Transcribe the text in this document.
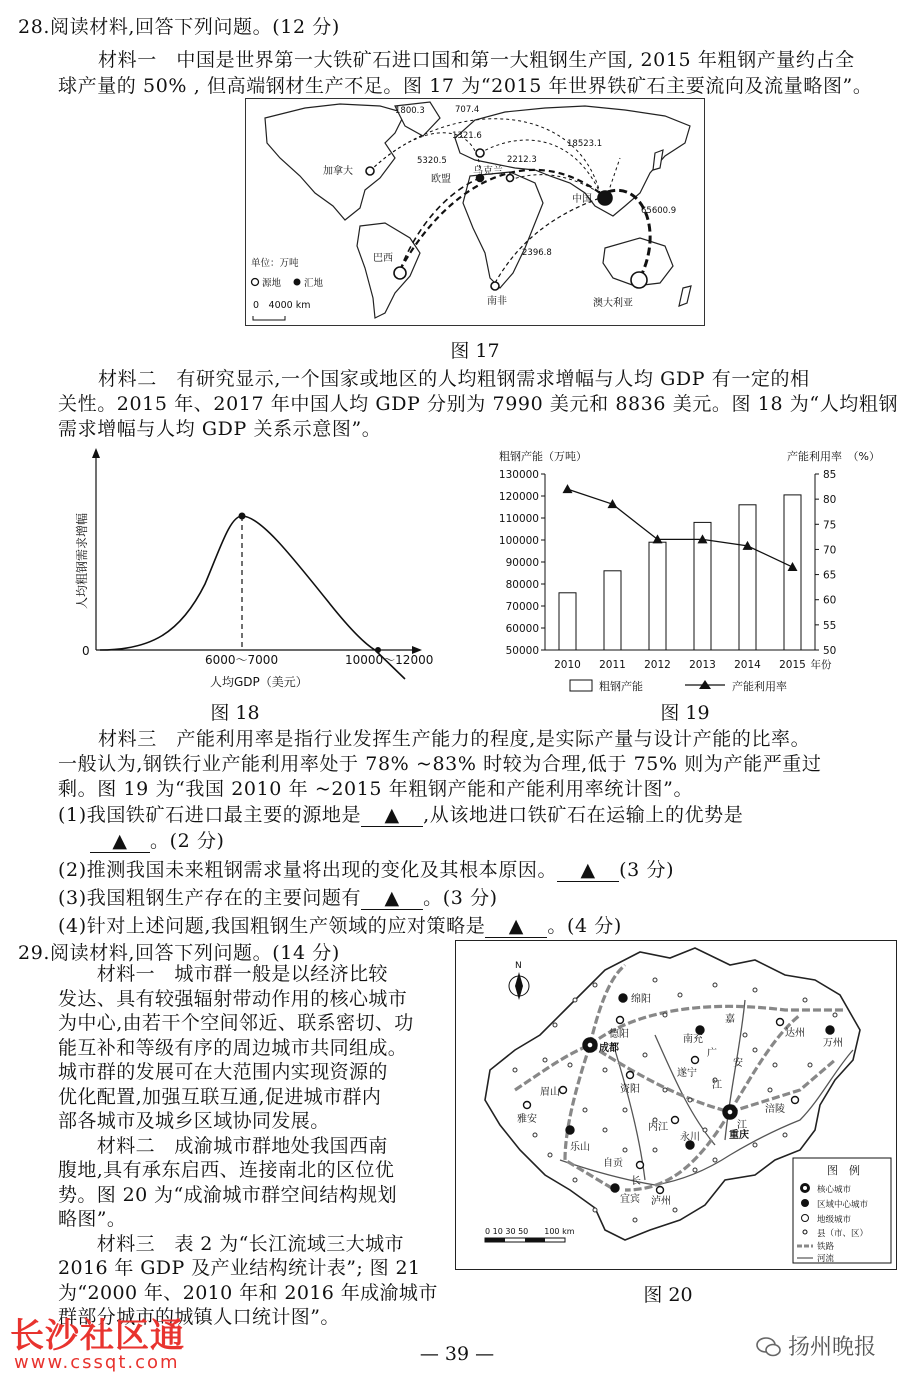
28.阅读材料,回答下列问题。(12 分)
材料一　中国是世界第一大铁矿石进口国和第一大粗钢生产国, 2015 年粗钢产量约占全
球产量的 50% , 但高端钢材生产不足。图 17 为“2015 年世界铁矿石主要流向及流量略图”。
加拿大
欧盟
乌克兰
中国
巴西
南非	澳大利亚
1800.3	707.4
1321.6
5320.5	2212.3
18523.1
65600.9
2396.8
单位：万吨
源地 汇地
0　4000 km
图 17
材料二　有研究显示,一个国家或地区的人均粗钢需求增幅与人均 GDP 有一定的相
关性。2015 年、2017 年中国人均 GDP 分别为 7990 美元和 8836 美元。图 18 为“人均粗钢
需求增幅与人均 GDP 关系示意图”。
0
6000～7000	10000～12000
人均GDP（美元）
人均粗钢需求增幅
图 18
粗钢产能（万吨）	产能利用率　（%）
50000
60000
70000
80000
90000
100000
110000
120000
130000
50
55
60
65
70
75
80
85
2010 2011 2012 2013 2014 2015 年份
粗钢产能	产能利用率
图 19
材料三　产能利用率是指行业发挥生产能力的程度,是实际产量与设计产能的比率。
一般认为,钢铁行业产能利用率处于 78% ~83% 时较为合理,低于 75% 则为产能严重过
剩。图 19 为“我国 2010 年 ~2015 年粗钢产能和产能利用率统计图”。
(1)我国铁矿石进口最主要的源地是 ▲ ,从该地进口铁矿石在运输上的优势是
▲ 。(2 分)
(2)推测我国未来粗钢需求量将出现的变化及其根本原因。 ▲ (3 分)
(3)我国粗钢生产存在的主要问题有 ▲ 。(3 分)
(4)针对上述问题,我国粗钢生产领域的应对策略是 ▲ 。(4 分)
29.阅读材料,回答下列问题。(14 分)
　　材料一　城市群一般是以经济比较
发达、具有较强辐射带动作用的核心城市
为中心,由若干个空间邻近、联系密切、功
能互补和等级有序的周边城市共同组成。
城市群的发展可在大范围内实现资源的
优化配置,加强互联互通,促进城市群内
部各城市及城乡区域协同发展。
　　材料二　成渝城市群地处我国西南
腹地,具有承东启西、连接南北的区位优
势。图 20 为“成渝城市群空间结构规划
略图”。
　　材料三　表 2 为“长江流域三大城市
2016 年 GDP 及产业结构统计表”; 图 21
为“2000 年、2010 年和 2016 年成渝城市
群部分城市的城镇人口统计图”。
绵阳
德阳	南充
嘉
达州
万州
成都
遂宁
广
安
江
眉山	资阳
雅安
内江	江
涪陵
乐山
永川	重庆
自贡
长
宜宾 泸州
N
0 10 30 50　　100 km
图　例
核心城市
区域中心城市
地级城市
县（市、区）
铁路
河流
图 20
— 39 —
长沙社区通
www.cssqt.com
扬州晚报
